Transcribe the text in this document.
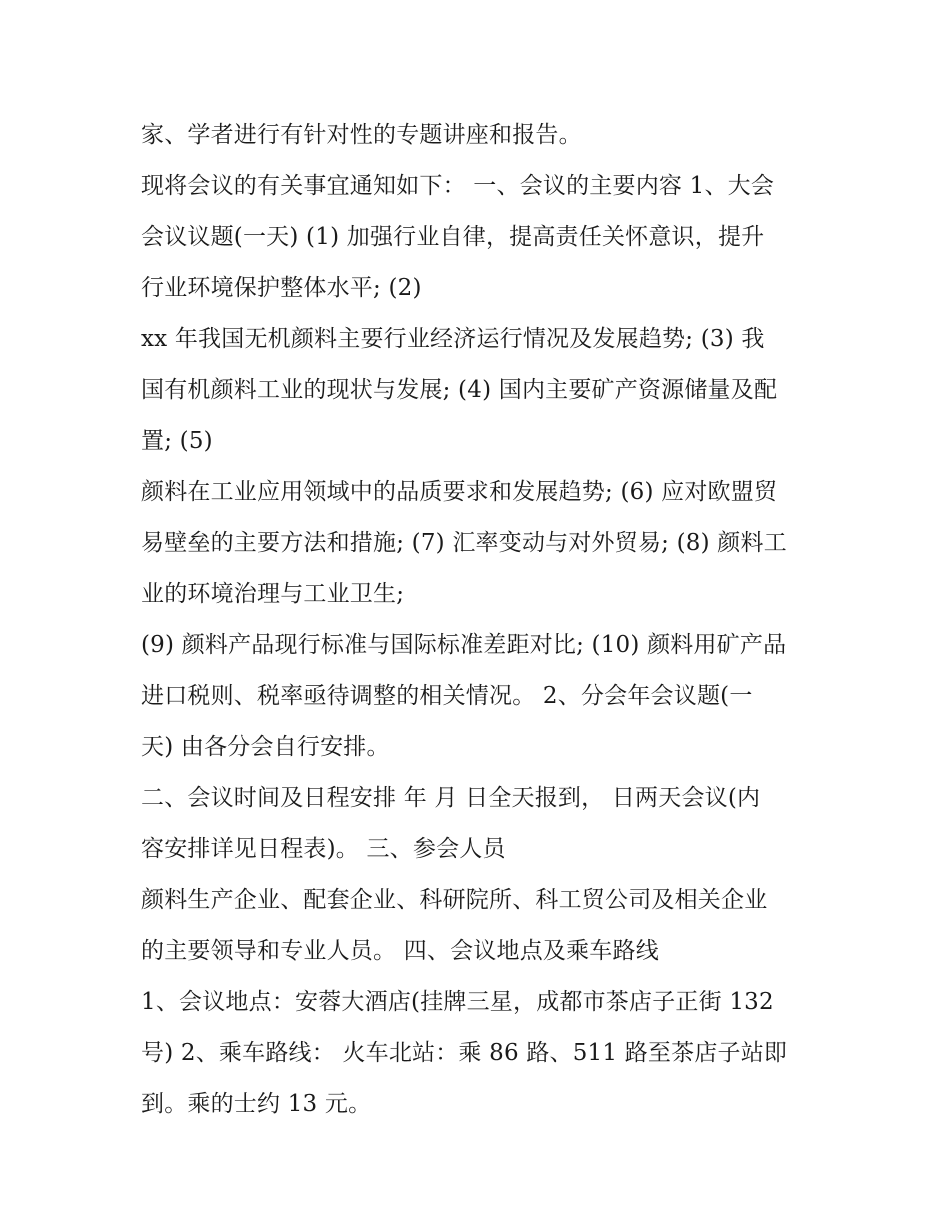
家、学者进行有针对性的专题讲座和报告。
现将会议的有关事宜通知如下： 一、会议的主要内容 1、大会
会议议题(一天) (1) 加强行业自律，提高责任关怀意识，提升
行业环境保护整体水平; (2)
xx 年我国无机颜料主要行业经济运行情况及发展趋势; (3) 我
国有机颜料工业的现状与发展; (4) 国内主要矿产资源储量及配
置; (5)
颜料在工业应用领域中的品质要求和发展趋势; (6) 应对欧盟贸
易壁垒的主要方法和措施; (7) 汇率变动与对外贸易; (8) 颜料工
业的环境治理与工业卫生;
(9) 颜料产品现行标准与国际标准差距对比; (10) 颜料用矿产品
进口税则、税率亟待调整的相关情况。 2、分会年会议题(一
天) 由各分会自行安排。
二、会议时间及日程安排 年 月 日全天报到， 日两天会议(内
容安排详见日程表)。 三、参会人员
颜料生产企业、配套企业、科研院所、科工贸公司及相关企业
的主要领导和专业人员。 四、会议地点及乘车路线
1、会议地点：安蓉大酒店(挂牌三星，成都市茶店子正街 132
号) 2、乘车路线： 火车北站：乘 86 路、511 路至茶店子站即
到。乘的士约 13 元。
